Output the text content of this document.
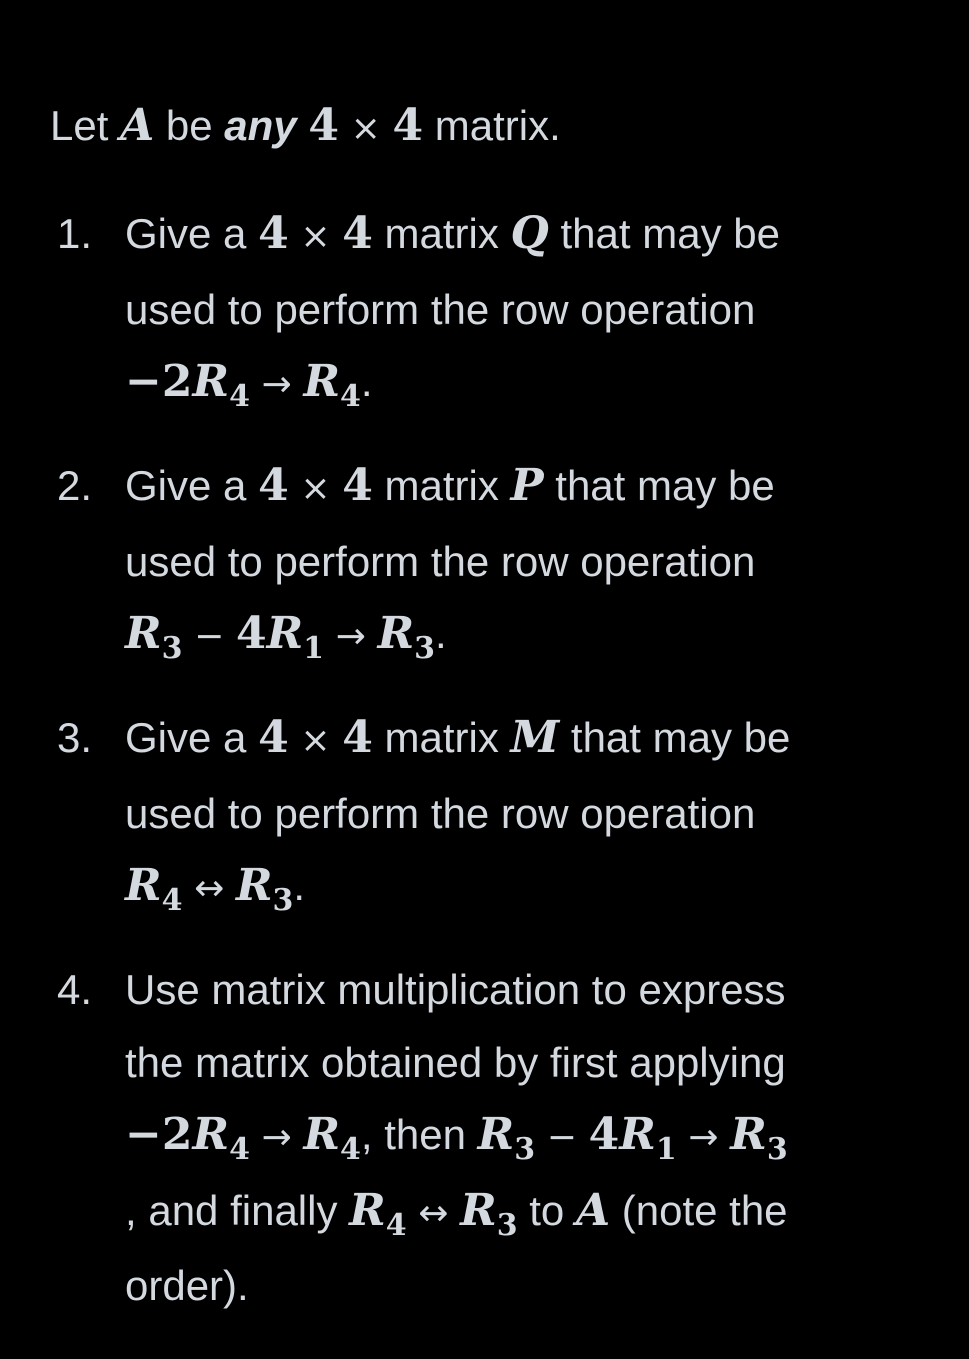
Let A be any 4 × 4 matrix.
1. Give a 4 × 4 matrix Q that may be
used to perform the row operation
$-2R_4 \to R_4$.
2. Give a 4 × 4 matrix P that may be
used to perform the row operation
$R_3 - 4R_1 \to R_3$.
3. Give a 4 × 4 matrix M that may be
used to perform the row operation
$R_4$ ↔ $R_3$.
4. Use matrix multiplication to express
the matrix obtained by first applying
$-2R_4 \to R_4$, then $R_3 - 4R_1 \to R_3$
, and finally $R_4$ ↔ $R_3$ to A (note the
order).
